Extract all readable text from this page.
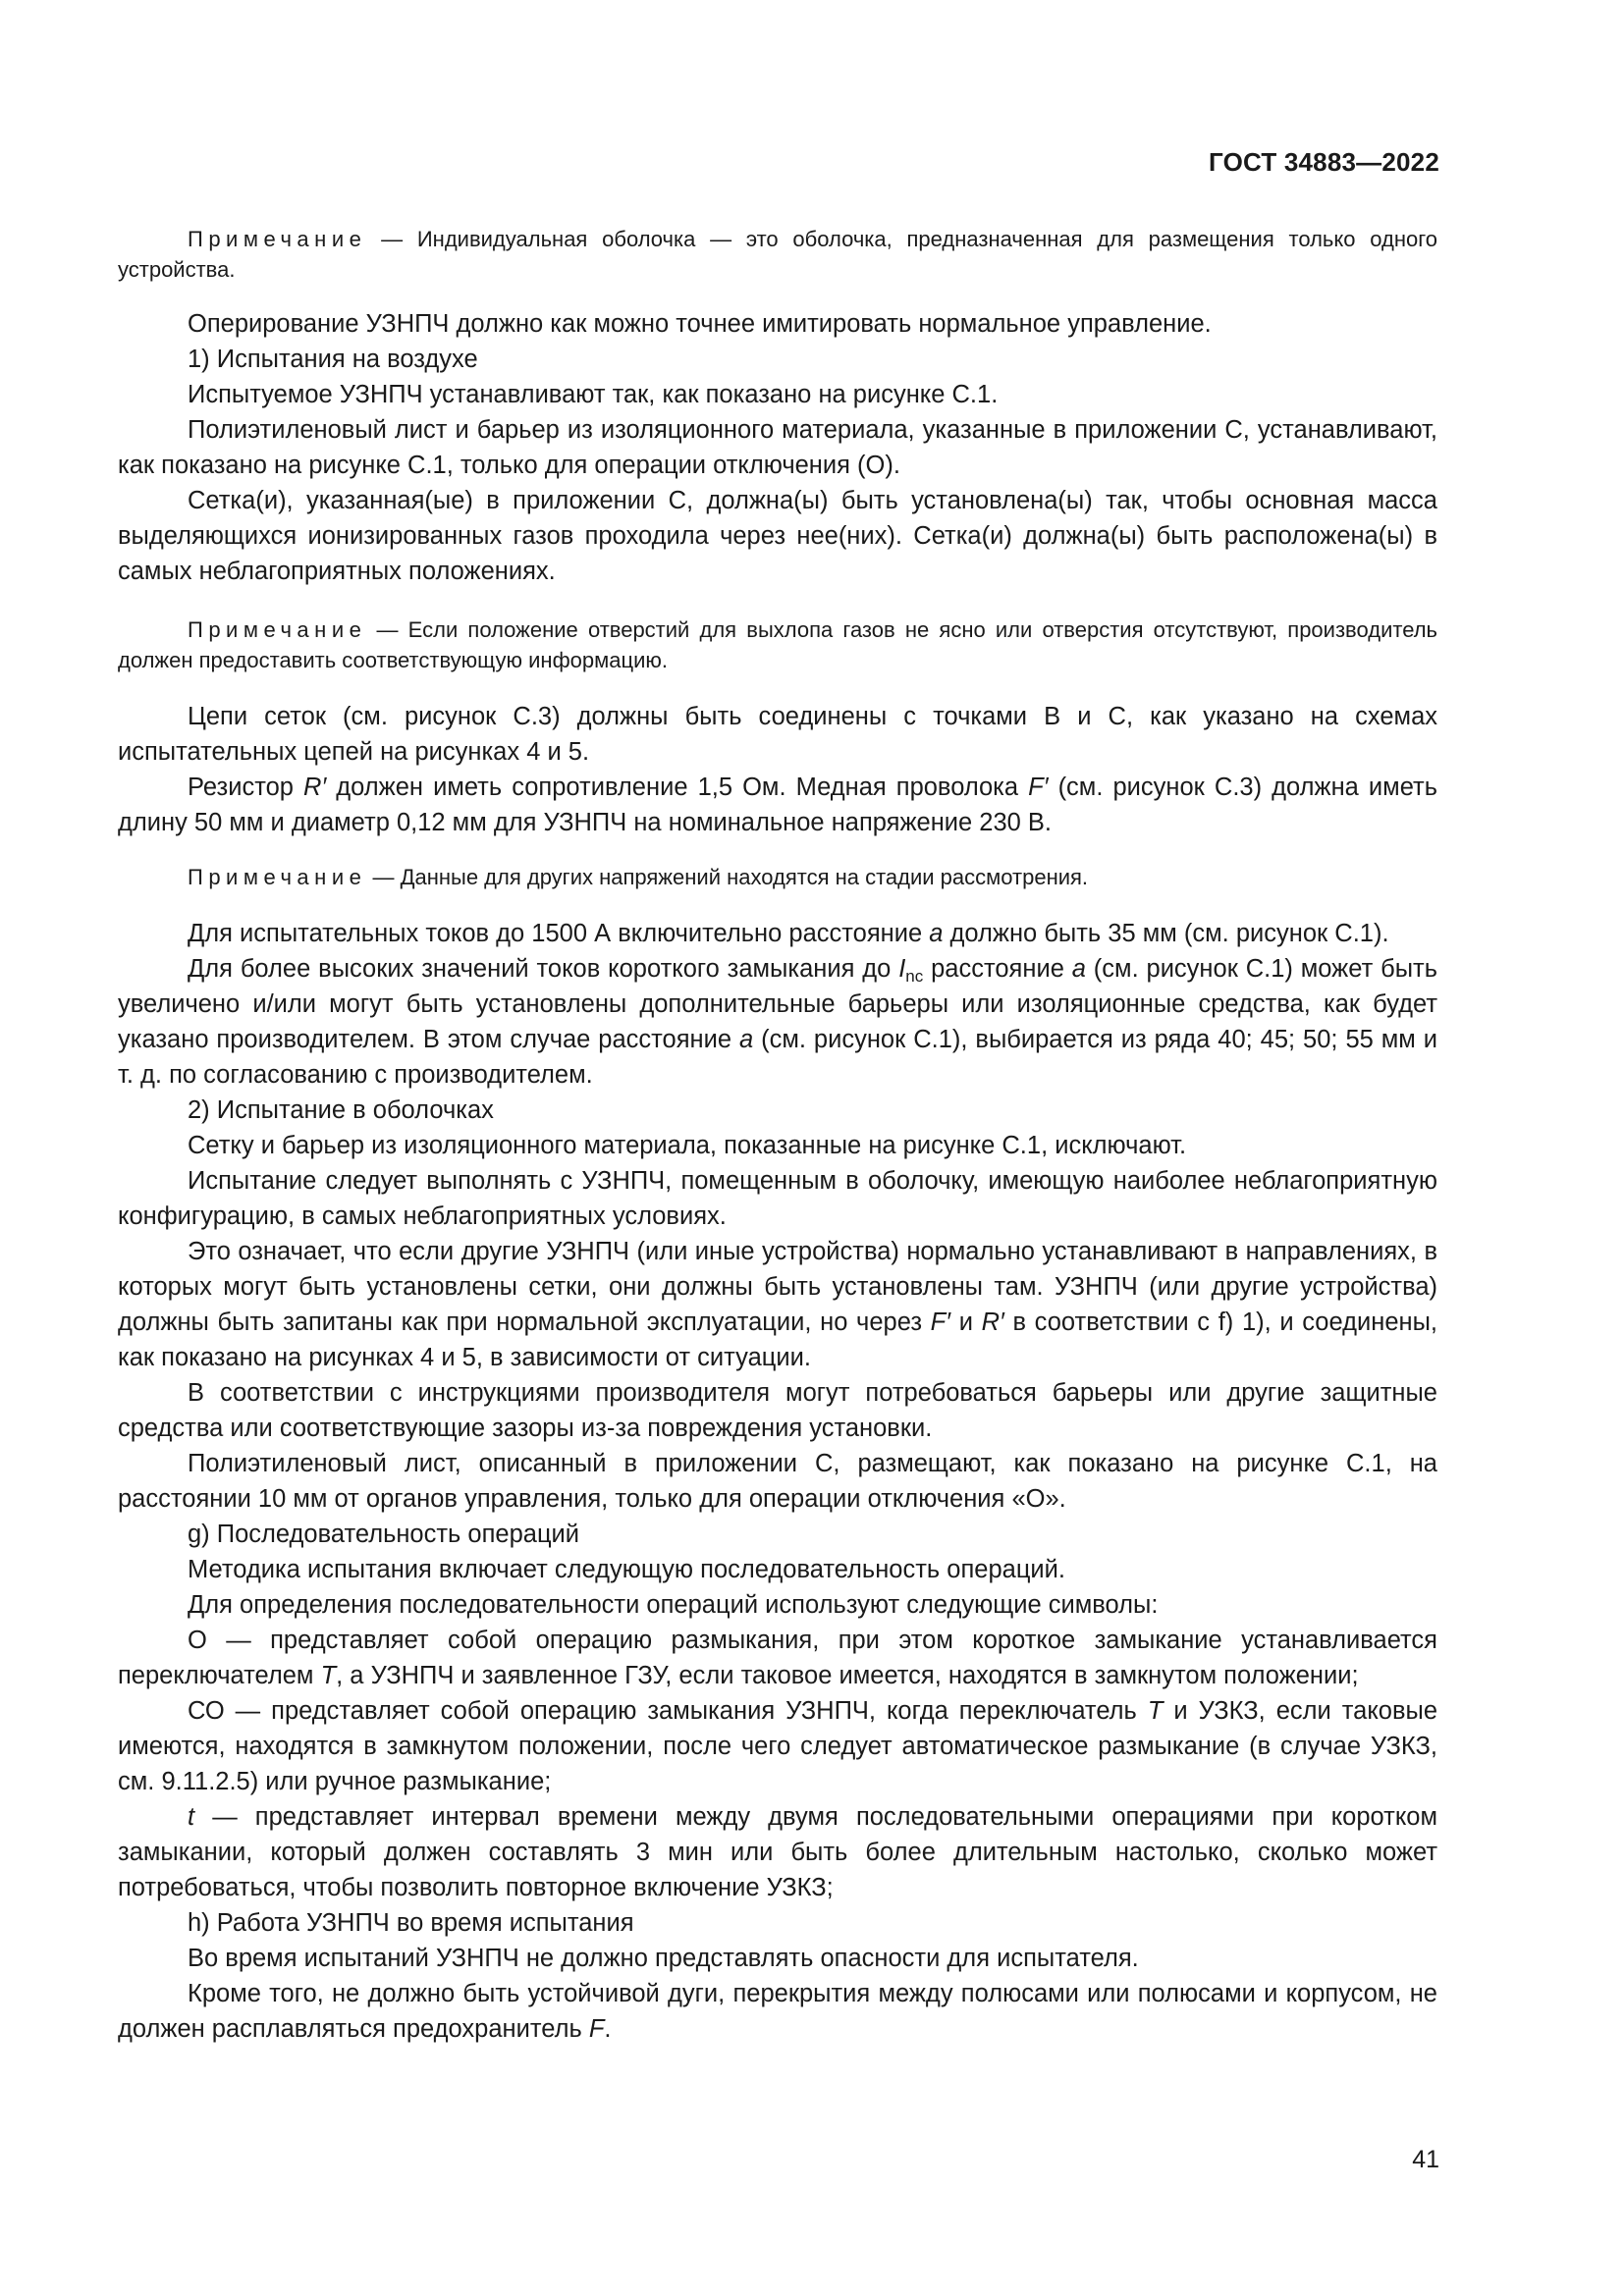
ГОСТ 34883—2022

Примечание — Индивидуальная оболочка — это оболочка, предназначенная для размещения только одного устройства.

Оперирование УЗНПЧ должно как можно точнее имитировать нормальное управление.

1) Испытания на воздухе

Испытуемое УЗНПЧ устанавливают так, как показано на рисунке С.1.

Полиэтиленовый лист и барьер из изоляционного материала, указанные в приложении С, устанавливают, как показано на рисунке С.1, только для операции отключения (О).

Сетка(и), указанная(ые) в приложении С, должна(ы) быть установлена(ы) так, чтобы основная масса выделяющихся ионизированных газов проходила через нее(них). Сетка(и) должна(ы) быть расположена(ы) в самых неблагоприятных положениях.

Примечание — Если положение отверстий для выхлопа газов не ясно или отверстия отсутствуют, производитель должен предоставить соответствующую информацию.

Цепи сеток (см. рисунок С.3) должны быть соединены с точками В и С, как указано на схемах испытательных цепей на рисунках 4 и 5.

Резистор R′ должен иметь сопротивление 1,5 Ом. Медная проволока F′ (см. рисунок С.3) должна иметь длину 50 мм и диаметр 0,12 мм для УЗНПЧ на номинальное напряжение 230 В.

Примечание — Данные для других напряжений находятся на стадии рассмотрения.

Для испытательных токов до 1500 А включительно расстояние a должно быть 35 мм (см. рисунок С.1).

Для более высоких значений токов короткого замыкания до $I_{nc}$ расстояние a (см. рисунок С.1) может быть увеличено и/или могут быть установлены дополнительные барьеры или изоляционные средства, как будет указано производителем. В этом случае расстояние a (см. рисунок С.1), выбирается из ряда 40; 45; 50; 55 мм и т. д. по согласованию с производителем.

2) Испытание в оболочках

Сетку и барьер из изоляционного материала, показанные на рисунке С.1, исключают.

Испытание следует выполнять с УЗНПЧ, помещенным в оболочку, имеющую наиболее неблагоприятную конфигурацию, в самых неблагоприятных условиях.

Это означает, что если другие УЗНПЧ (или иные устройства) нормально устанавливают в направлениях, в которых могут быть установлены сетки, они должны быть установлены там. УЗНПЧ (или другие устройства) должны быть запитаны как при нормальной эксплуатации, но через F′ и R′ в соответствии с f) 1), и соединены, как показано на рисунках 4 и 5, в зависимости от ситуации.

В соответствии с инструкциями производителя могут потребоваться барьеры или другие защитные средства или соответствующие зазоры из-за повреждения установки.

Полиэтиленовый лист, описанный в приложении С, размещают, как показано на рисунке С.1, на расстоянии 10 мм от органов управления, только для операции отключения «О».

g) Последовательность операций

Методика испытания включает следующую последовательность операций.

Для определения последовательности операций используют следующие символы:

О — представляет собой операцию размыкания, при этом короткое замыкание устанавливается переключателем T, а УЗНПЧ и заявленное ГЗУ, если таковое имеется, находятся в замкнутом положении;

СО — представляет собой операцию замыкания УЗНПЧ, когда переключатель T и УЗКЗ, если таковые имеются, находятся в замкнутом положении, после чего следует автоматическое размыкание (в случае УЗКЗ, см. 9.11.2.5) или ручное размыкание;

t — представляет интервал времени между двумя последовательными операциями при коротком замыкании, который должен составлять 3 мин или быть более длительным настолько, сколько может потребоваться, чтобы позволить повторное включение УЗКЗ;

h) Работа УЗНПЧ во время испытания

Во время испытаний УЗНПЧ не должно представлять опасности для испытателя.

Кроме того, не должно быть устойчивой дуги, перекрытия между полюсами или полюсами и корпусом, не должен расплавляться предохранитель F.

41
